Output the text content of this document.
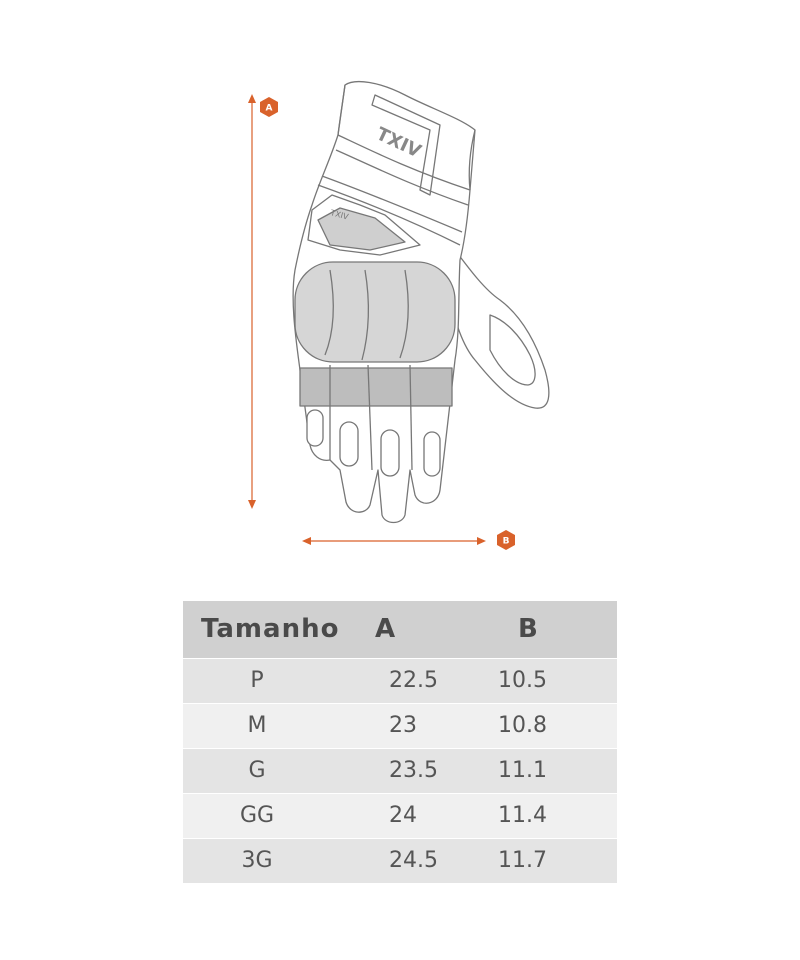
A
B
TXIV
TXIV
Tamanho	A	B
P	22.5	10.5
M	23	10.8
G	23.5	11.1
GG	24	11.4
3G	24.5	11.7
